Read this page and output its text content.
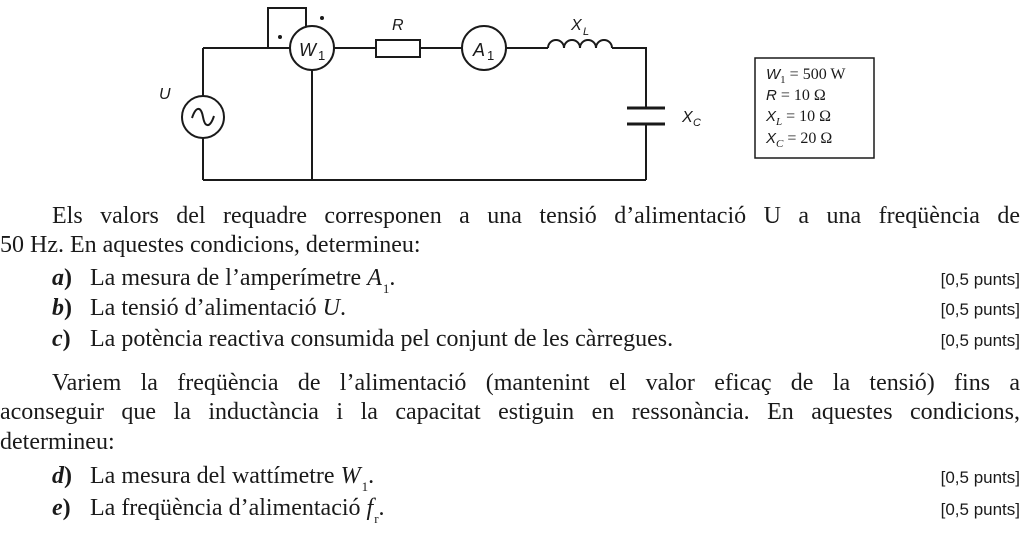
U
W 1
R
A 1
X L
X C
$W_1 = 500$ W
R = 10 Ω
$X_L = 10$ Ω
$X_C = 20$ Ω
Els valors del requadre corresponen a una tensió d’alimentació U a una freqüència de
50 Hz. En aquestes condicions, determineu:
a) La mesura de l’amperímetre $A_1$.	[0,5 punts]
b) La tensió d’alimentació U.	[0,5 punts]
c) La potència reactiva consumida pel conjunt de les càrregues.	[0,5 punts]
Variem la freqüència de l’alimentació (mantenint el valor eficaç de la tensió) fins a
aconseguir que la inductància i la capacitat estiguin en ressonància. En aquestes condicions,
determineu:
d) La mesura del wattímetre $W_1$.	[0,5 punts]
e) La freqüència d’alimentació $f_r$.	[0,5 punts]
